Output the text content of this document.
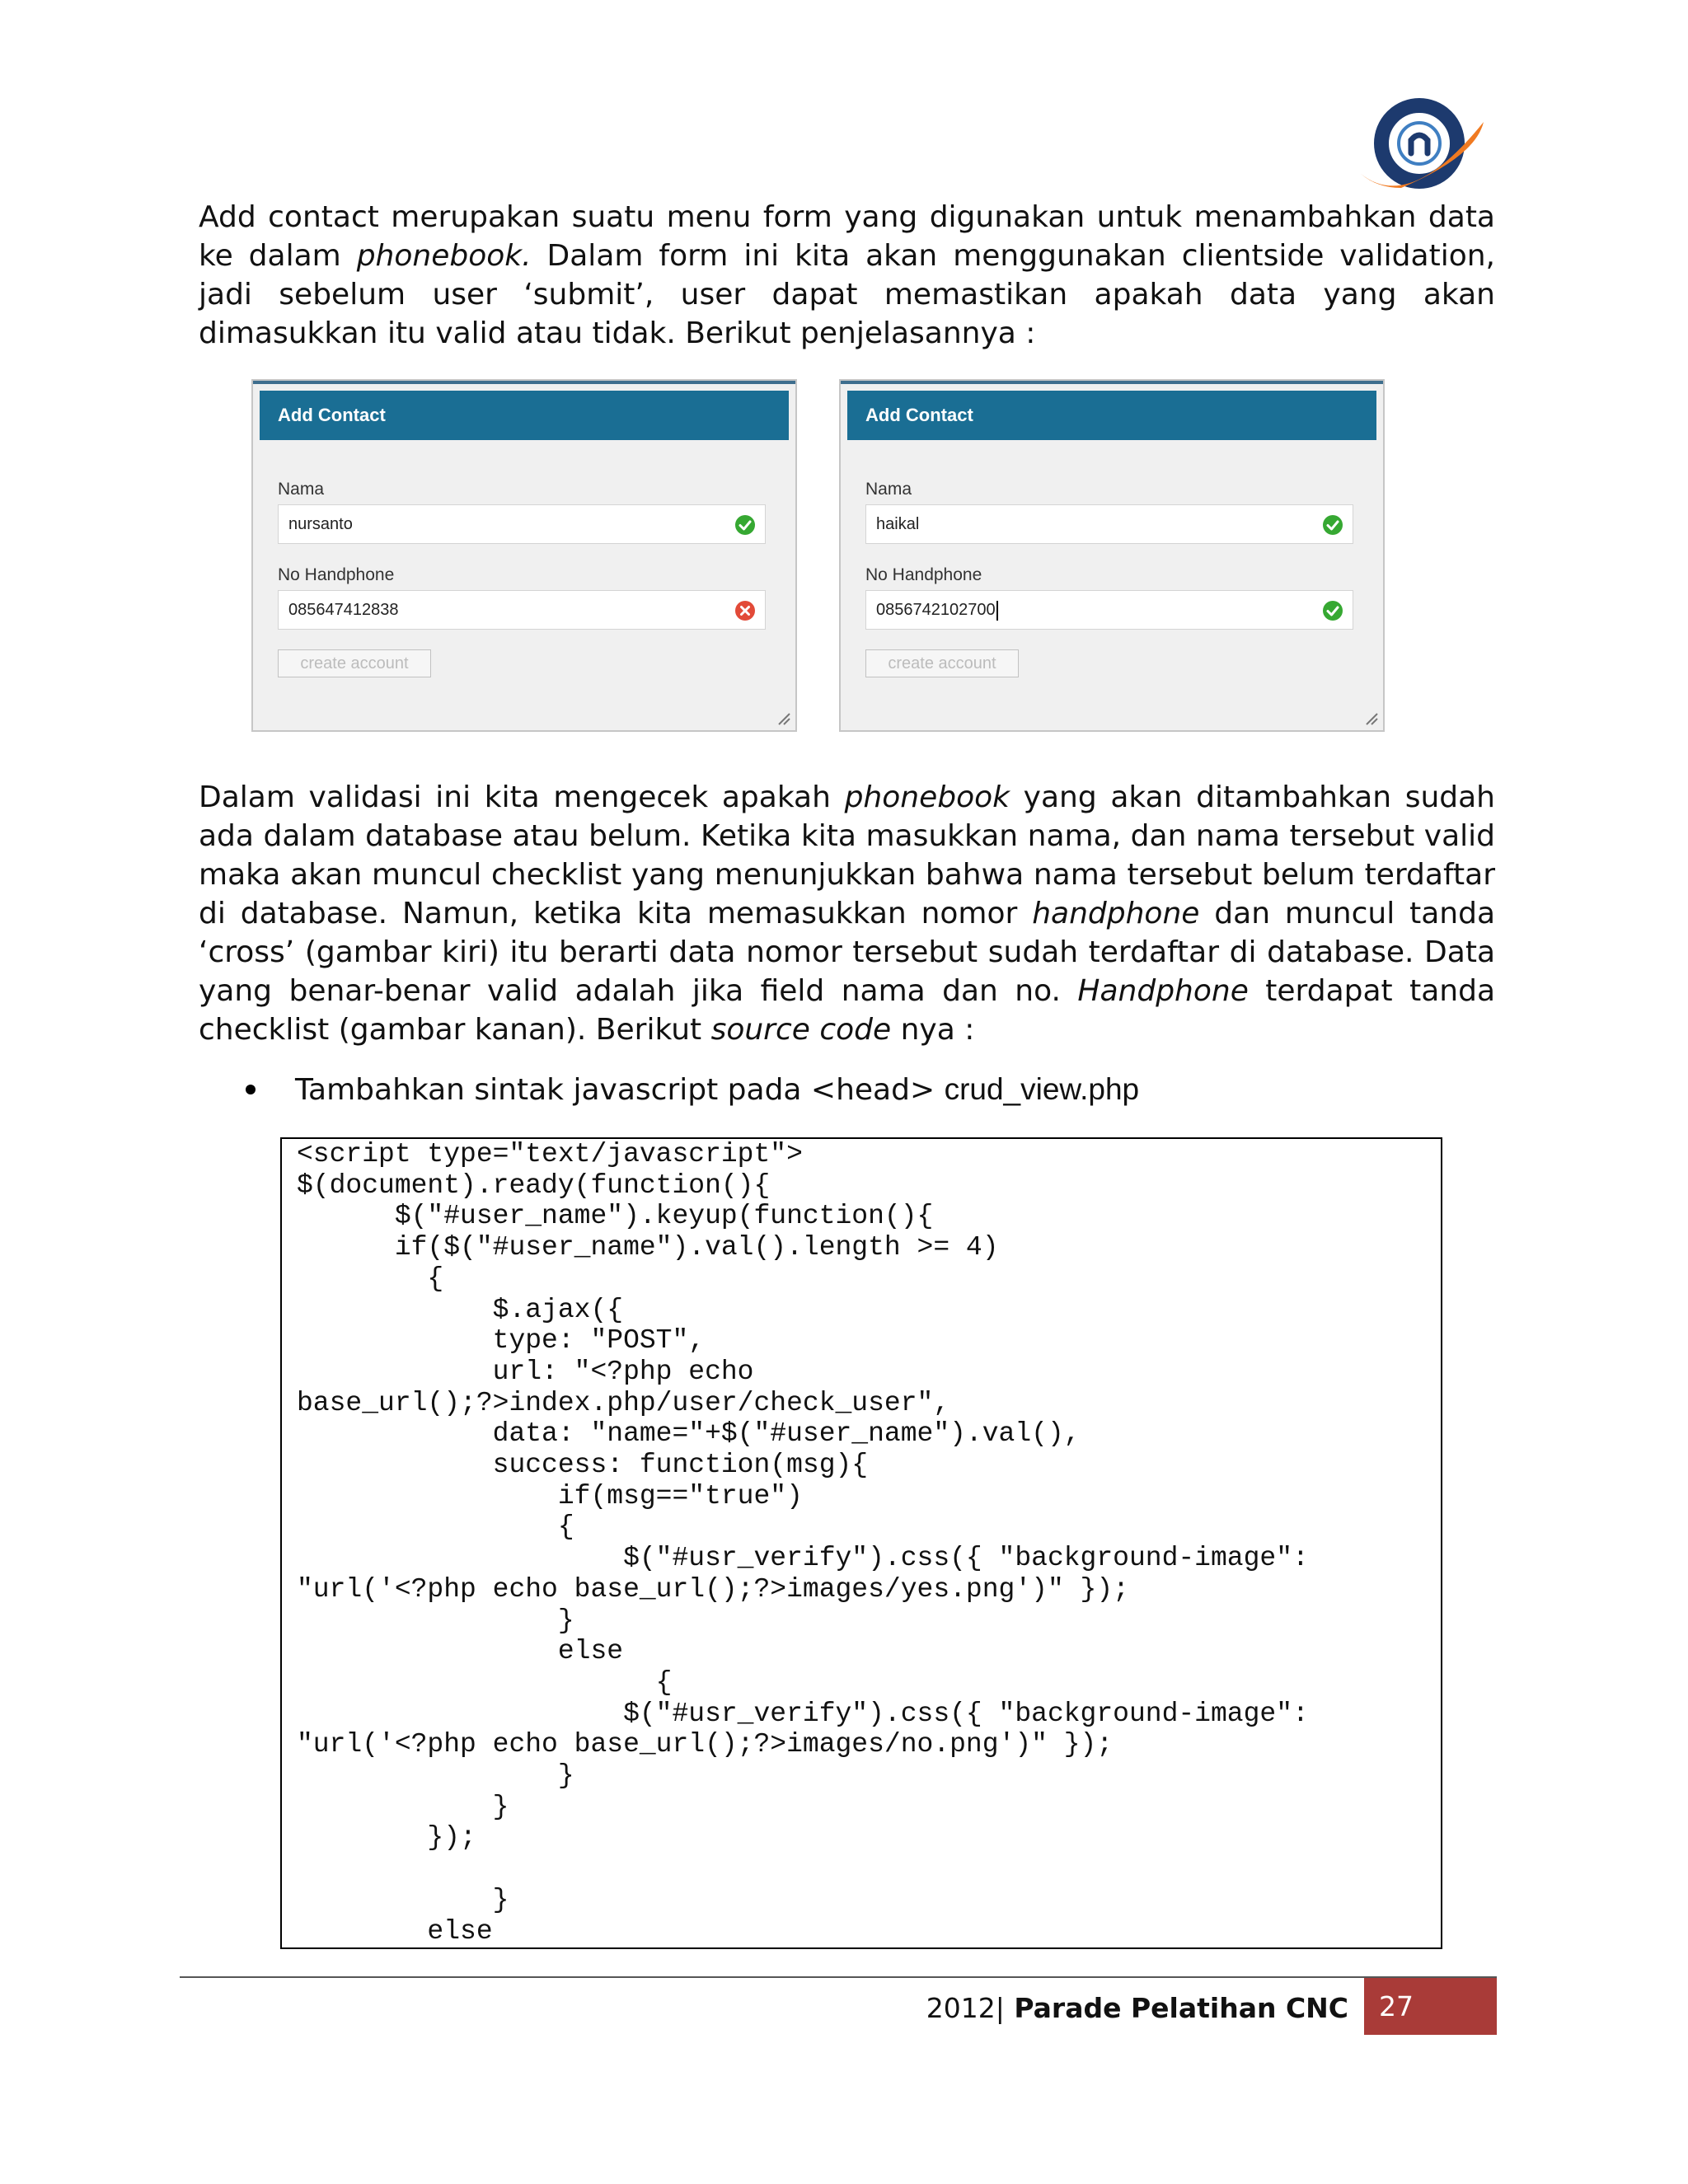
Add contact merupakan suatu menu form yang digunakan untuk menambahkan data ke dalam phonebook. Dalam form ini kita akan menggunakan clientside validation, jadi sebelum user ‘submit’, user dapat memastikan apakah data yang akan dimasukkan itu valid atau tidak. Berikut penjelasannya :

Add Contact
Nama
nursanto
No Handphone
085647412838
create account
Add Contact
Nama
haikal
No Handphone
0856742102700
create account

Dalam validasi ini kita mengecek apakah phonebook yang akan ditambahkan sudah ada dalam database atau belum. Ketika kita masukkan nama, dan nama tersebut valid maka akan muncul checklist yang menunjukkan bahwa nama tersebut belum terdaftar di database. Namun, ketika kita memasukkan nomor handphone dan muncul tanda ‘cross’ (gambar kiri) itu berarti data nomor tersebut sudah terdaftar di database. Data yang benar-benar valid adalah jika field nama dan no. Handphone terdapat tanda checklist (gambar kanan). Berikut source code nya :

Tambahkan sintak javascript pada <head> crud_view.php
<script type="text/javascript">
$(document).ready(function(){
$("#user_name").keyup(function(){
if($("#user_name").val().length >= 4)
{
$.ajax({
type: "POST",
url: "<?php echo
base_url();?>index.php/user/check_user",
data: "name="+$("#user_name").val(),
success: function(msg){
if(msg=="true")
{
$("#usr_verify").css({ "background-image":
"url('<?php echo base_url();?>images/yes.png')" });
}
else
{
$("#usr_verify").css({ "background-image":
"url('<?php echo base_url();?>images/no.png')" });
}
}
});

}
else
2012| Parade Pelatihan CNC	27
